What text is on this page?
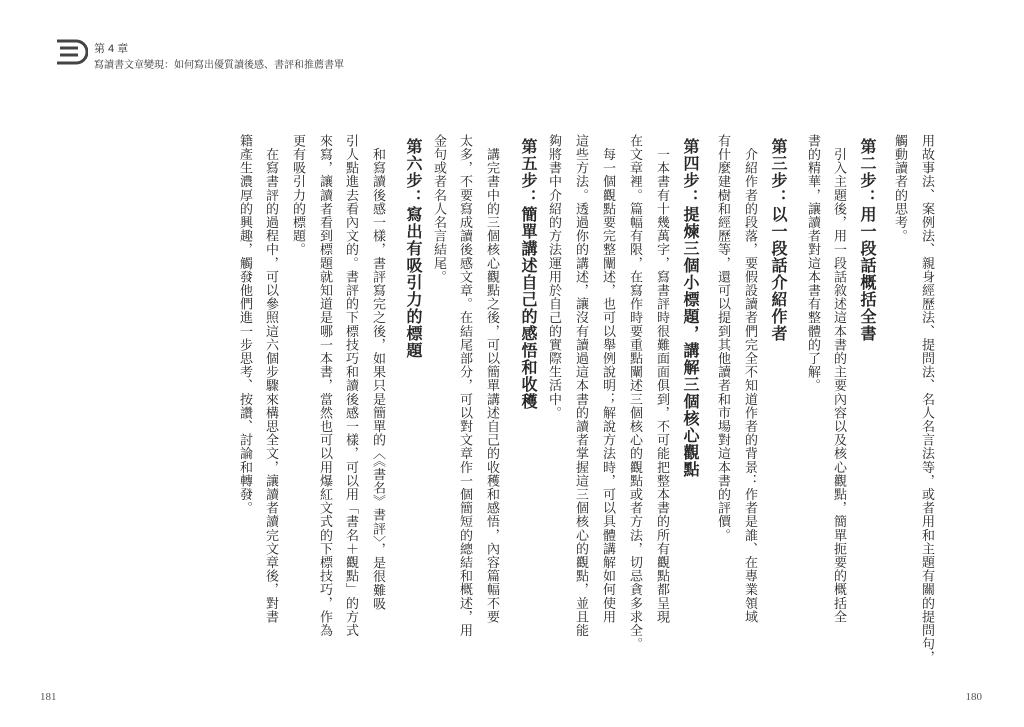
第 4 章
寫讀書文章變現：如何寫出優質讀後感、書評和推薦書單
用故事法、案例法、親身經歷法、提問法、名人名言法等，或者用和主題有關的提問句，
觸動讀者的思考。
第二步：用一段話概括全書
　引入主題後，用一段話敘述這本書的主要內容以及核心觀點，簡單扼要的概括全
書的精華，讓讀者對這本書有整體的了解。
第三步：以一段話介紹作者
　介紹作者的段落，要假設讀者們完全不知道作者的背景：作者是誰、在專業領域
有什麼建樹和經歷等，還可以提到其他讀者和市場對這本書的評價。
第四步：提煉三個小標題，講解三個核心觀點
　一本書有十幾萬字，寫書評時很難面面俱到，不可能把整本書的所有觀點都呈現
在文章裡。篇幅有限，在寫作時要重點闡述三個核心的觀點或者方法，切忌貪多求全。
　每一個觀點要完整闡述，也可以舉例說明；解說方法時，可以具體講解如何使用
這些方法。透過你的講述，讓沒有讀過這本書的讀者掌握這三個核心的觀點，並且能
夠將書中介紹的方法運用於自己的實際生活中。
第五步：簡單講述自己的感悟和收穫
　講完書中的三個核心觀點之後，可以簡單講述自己的收穫和感悟，內容篇幅不要
太多，不要寫成讀後感文章。在結尾部分，可以對文章作一個簡短的總結和概述，用
金句或者名人名言結尾。
第六步：寫出有吸引力的標題
　和寫讀後感一樣，書評寫完之後，如果只是簡單的〈《書名》書評〉，是很難吸
引人點進去看內文的。書評的下標技巧和讀後感一樣，可以用「書名＋觀點」的方式
來寫，讓讀者看到標題就知道是哪一本書，當然也可以用爆紅文式的下標技巧，作為
更有吸引力的標題。
　在寫書評的過程中，可以參照這六個步驟來構思全文，讓讀者讀完文章後，對書
籍產生濃厚的興趣，觸發他們進一步思考、按讚、討論和轉發。
181	180
